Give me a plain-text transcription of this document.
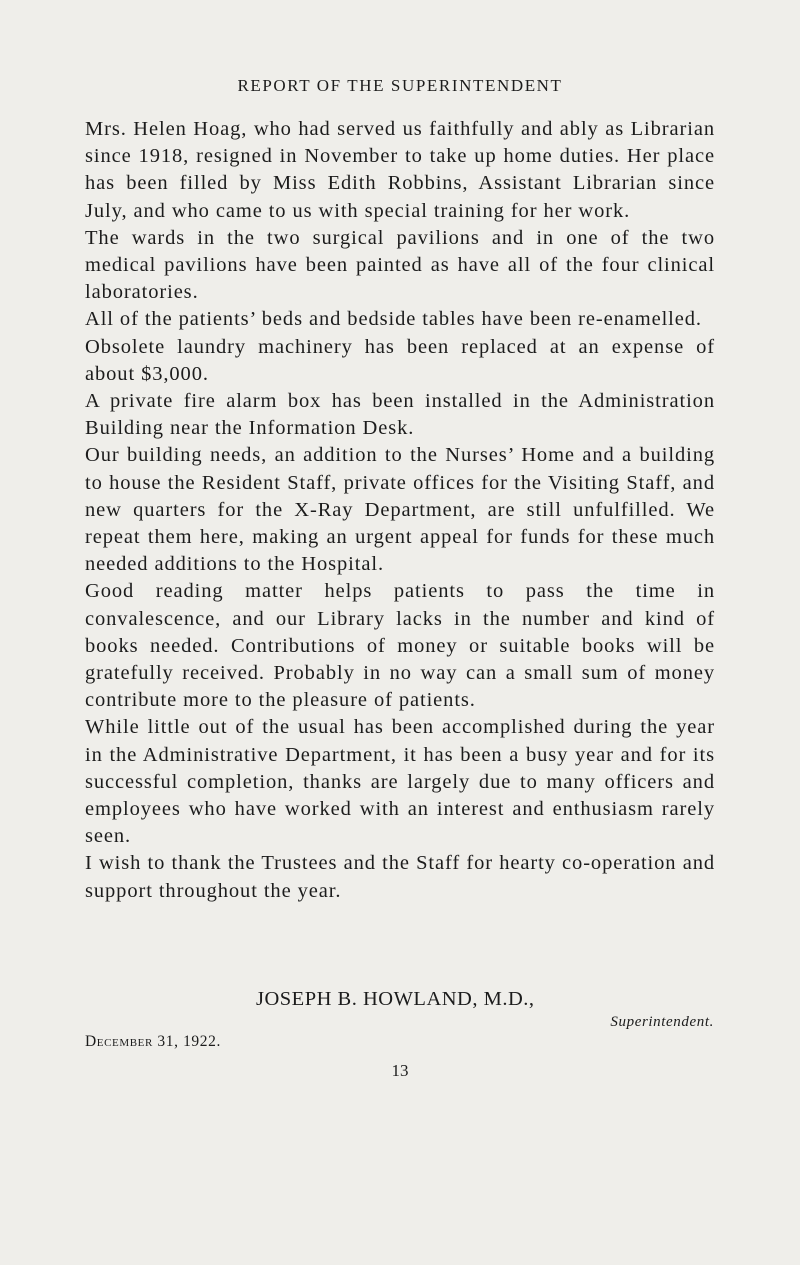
REPORT OF THE SUPERINTENDENT

Mrs. Helen Hoag, who had served us faithfully and ably as Librarian since 1918, resigned in November to take up home duties. Her place has been filled by Miss Edith Robbins, Assistant Librarian since July, and who came to us with special training for her work.

The wards in the two surgical pavilions and in one of the two medical pavilions have been painted as have all of the four clinical laboratories.

All of the patients’ beds and bedside tables have been re-enamelled.

Obsolete laundry machinery has been replaced at an expense of about $3,000.

A private fire alarm box has been installed in the Administration Building near the Information Desk.

Our building needs, an addition to the Nurses’ Home and a building to house the Resident Staff, private offices for the Visiting Staff, and new quarters for the X-Ray Department, are still unfulfilled. We repeat them here, making an urgent appeal for funds for these much needed additions to the Hospital.

Good reading matter helps patients to pass the time in convalescence, and our Library lacks in the number and kind of books needed. Contributions of money or suitable books will be gratefully received. Probably in no way can a small sum of money contribute more to the pleasure of patients.

While little out of the usual has been accomplished during the year in the Administrative Department, it has been a busy year and for its successful completion, thanks are largely due to many officers and employees who have worked with an interest and enthusiasm rarely seen.

I wish to thank the Trustees and the Staff for hearty co-operation and support throughout the year.

JOSEPH B. HOWLAND, M.D.,
Superintendent.
December 31, 1922.
13
